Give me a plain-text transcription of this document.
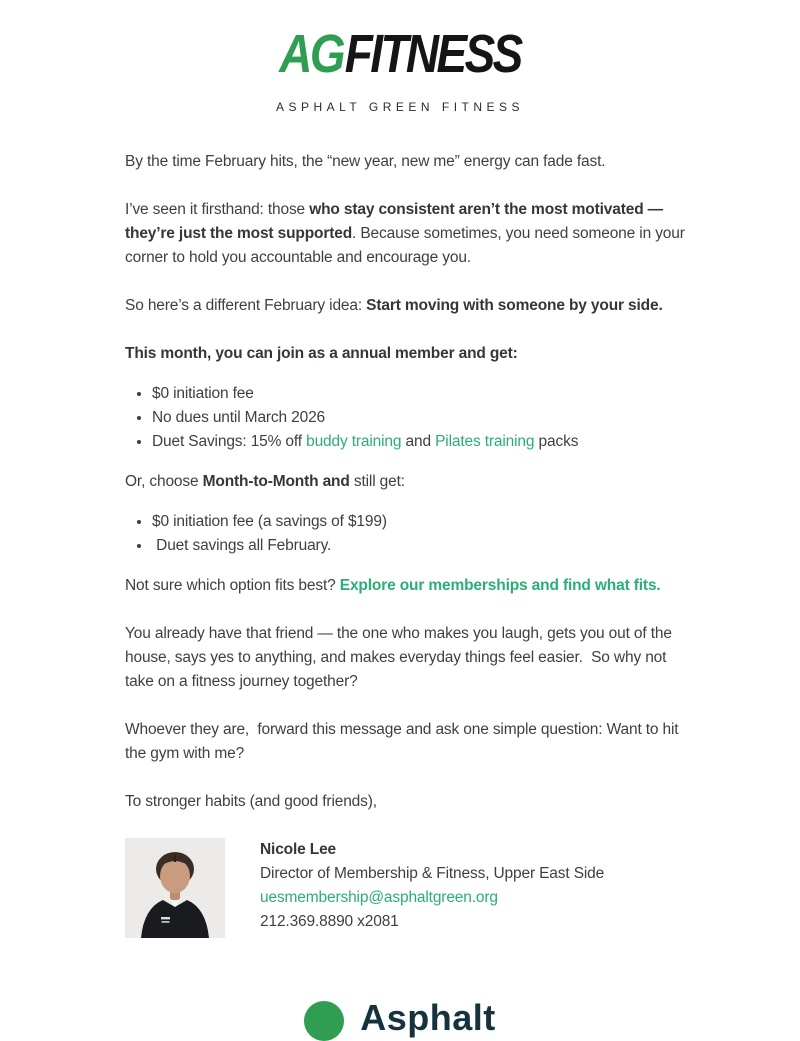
AGFITNESS
ASPHALT GREEN FITNESS

By the time February hits, the “new year, new me” energy can fade fast.

I’ve seen it firsthand: those who stay consistent aren’t the most motivated — they’re just the most supported. Because sometimes, you need someone in your corner to hold you accountable and encourage you.

So here’s a different February idea: Start moving with someone by your side.

This month, you can join as a annual member and get:

• $0 initiation fee
• No dues until March 2026
• Duet Savings: 15% off buddy training and Pilates training packs

Or, choose Month-to-Month and still get:

• $0 initiation fee (a savings of $199)
•  Duet savings all February.

Not sure which option fits best? Explore our memberships and find what fits.

You already have that friend — the one who makes you laugh, gets you out of the house, says yes to anything, and makes everyday things feel easier.  So why not take on a fitness journey together?

Whoever they are,  forward this message and ask one simple question: Want to hit the gym with me?

To stronger habits (and good friends),

Nicole Lee
Director of Membership & Fitness, Upper East Side
uesmembership@asphaltgreen.org
212.369.8890 x2081
Asphalt
